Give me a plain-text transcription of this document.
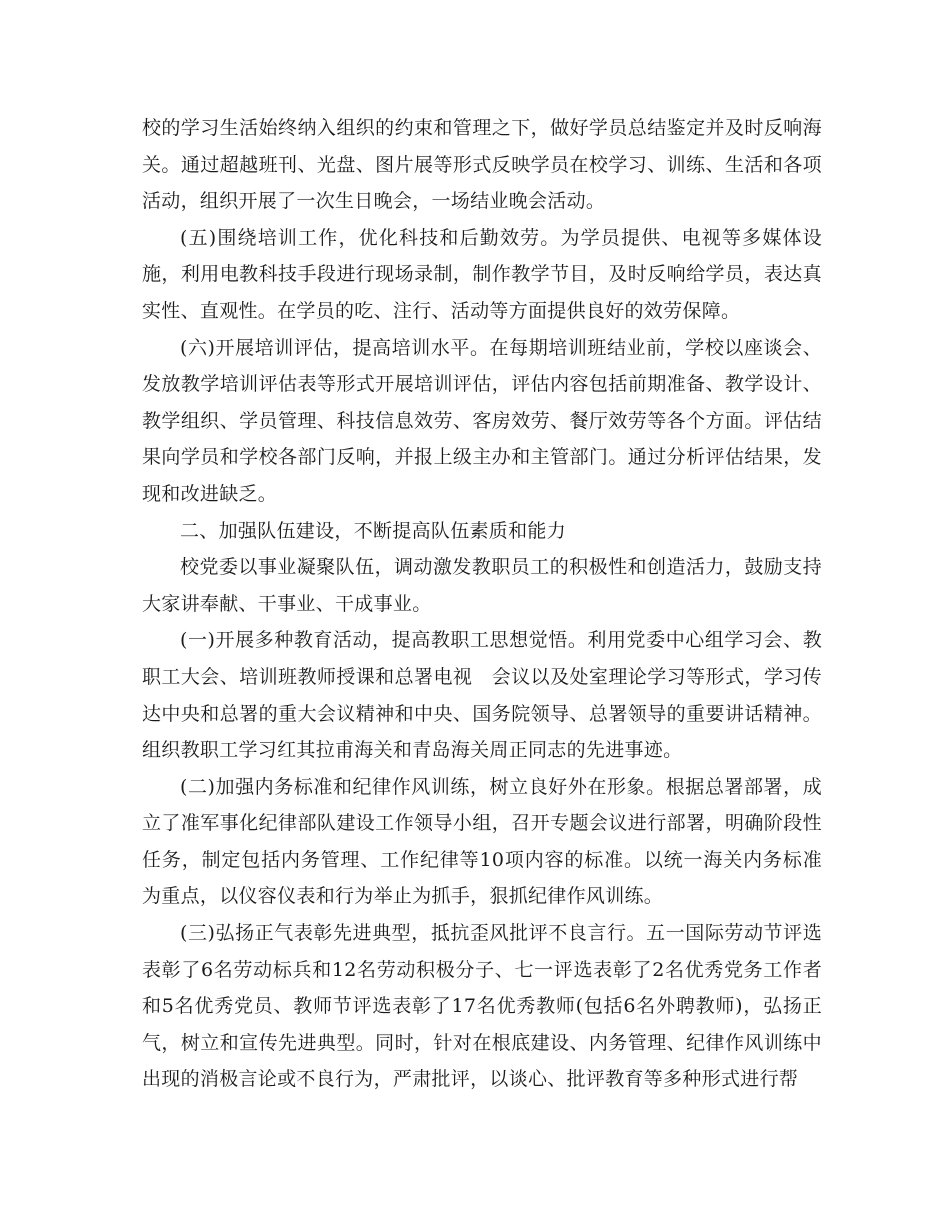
校的学习生活始终纳入组织的约束和管理之下，做好学员总结鉴定并及时反响海关。通过超越班刊、光盘、图片展等形式反映学员在校学习、训练、生活和各项活动，组织开展了一次生日晚会，一场结业晚会活动。

(五)围绕培训工作，优化科技和后勤效劳。为学员提供、电视等多媒体设施，利用电教科技手段进行现场录制，制作教学节目，及时反响给学员，表达真实性、直观性。在学员的吃、注行、活动等方面提供良好的效劳保障。

(六)开展培训评估，提高培训水平。在每期培训班结业前，学校以座谈会、发放教学培训评估表等形式开展培训评估，评估内容包括前期准备、教学设计、教学组织、学员管理、科技信息效劳、客房效劳、餐厅效劳等各个方面。评估结果向学员和学校各部门反响，并报上级主办和主管部门。通过分析评估结果，发现和改进缺乏。

二、加强队伍建设，不断提高队伍素质和能力

校党委以事业凝聚队伍，调动激发教职员工的积极性和创造活力，鼓励支持大家讲奉献、干事业、干成事业。

(一)开展多种教育活动，提高教职工思想觉悟。利用党委中心组学习会、教职工大会、培训班教师授课和总署电视　会议以及处室理论学习等形式，学习传达中央和总署的重大会议精神和中央、国务院领导、总署领导的重要讲话精神。组织教职工学习红其拉甫海关和青岛海关周正同志的先进事迹。

(二)加强内务标准和纪律作风训练，树立良好外在形象。根据总署部署，成立了准军事化纪律部队建设工作领导小组，召开专题会议进行部署，明确阶段性任务，制定包括内务管理、工作纪律等10项内容的标准。以统一海关内务标准为重点，以仪容仪表和行为举止为抓手，狠抓纪律作风训练。

(三)弘扬正气表彰先进典型，抵抗歪风批评不良言行。五一国际劳动节评选表彰了6名劳动标兵和12名劳动积极分子、七一评选表彰了2名优秀党务工作者和5名优秀党员、教师节评选表彰了17名优秀教师(包括6名外聘教师)，弘扬正气，树立和宣传先进典型。同时，针对在根底建设、内务管理、纪律作风训练中出现的消极言论或不良行为，严肃批评，以谈心、批评教育等多种形式进行帮
